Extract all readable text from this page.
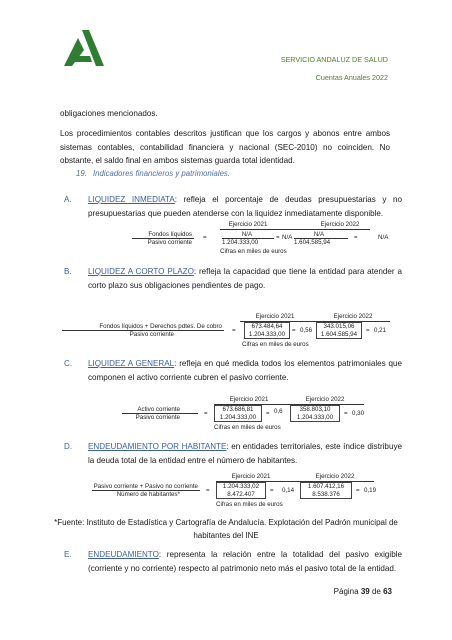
SERVICIO ANDALUZ DE SALUD
Cuentas Anuales 2022
obligaciones mencionados.
Los procedimientos contables descritos justifican que los cargos y abonos entre ambos sistemas contables, contabilidad financiera y nacional (SEC-2010) no coinciden. No obstante, el saldo final en ambos sistemas guarda total identidad.
19. Indicadores financieros y patrimoniales.
A. LIQUIDEZ INMEDIATA: refleja el porcentaje de deudas presupuestarias y no presupuestarias que pueden atenderse con la liquidez inmediatamente disponible.
Ejercicio 2021	Ejercicio 2022
Fondos líquidos
Pasivo corriente
=	N/A
1.204.333,00
= N/A	N/A
1.604.585,94
=	N/A
Cifras en miles de euros
B. LIQUIDEZ A CORTO PLAZO: refleja la capacidad que tiene la entidad para atender a corto plazo sus obligaciones pendientes de pago.
Ejercicio 2021	Ejercicio 2022
Fondos líquidos + Derechos pdtes. De cobro
Pasivo corriente
=
673.484,64
1.204.333,00
= 0,56
343.015,06
1.604.585,94
= 0,21
Cifras en miles de euros
C. LIQUIDEZ A GENERAL: refleja en qué medida todos los elementos patrimoniales que componen el activo corriente cubren el pasivo corriente.
Ejercicio 2021	Ejercicio 2022
Activo corriente
Pasivo corriente
=
673.686,81
1.204.333,00
= 0,6	358.803,10
1.204.333,00
= 0,30
Cifras en miles de euros
D. ENDEUDAMIENTO POR HABITANTE: en entidades territoriales, este índice distribuye la deuda total de la entidad entre el número de habitantes.
Ejercicio 2021	Ejercicio 2022
Pasivo corriente + Pasivo no corriente
Número de habitantes*
=
1.204.333,02
8.472.407
= 0,14
1.607.412,16
8.538.376
= 0,19
Cifras en miles de euros
*Fuente: Instituto de Estadística y Cartografía de Andalucía. Explotación del Padrón municipal de habitantes del INE
E. ENDEUDAMIENTO: representa la relación entre la totalidad del pasivo exigible (corriente y no corriente) respecto al patrimonio neto más el pasivo total de la entidad.
Página 39 de 63
